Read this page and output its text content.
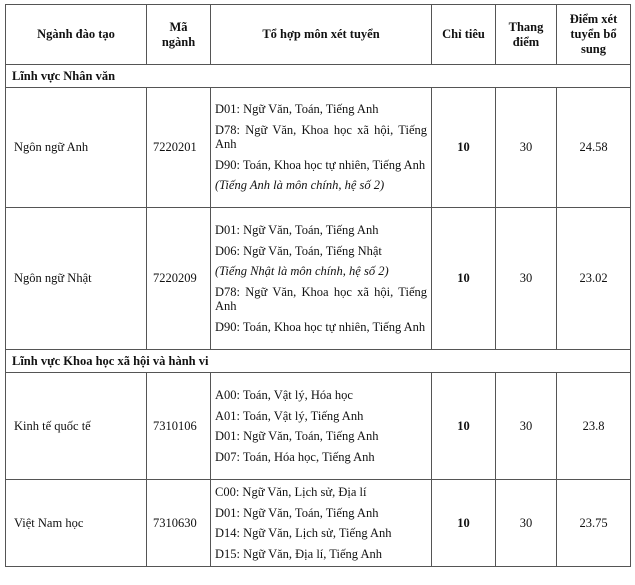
Ngành đào tạo	Mã ngành	Tổ hợp môn xét tuyển	Chỉ tiêu	Thang điểm	Điểm xét tuyển bổ sung
Lĩnh vực Nhân văn					
Ngôn ngữ Anh	7220201	D01: Ngữ Văn, Toán, Tiếng Anh
D78: Ngữ Văn, Khoa học xã hội, Tiếng Anh
D90: Toán, Khoa học tự nhiên, Tiếng Anh
(Tiếng Anh là môn chính, hệ số 2)	10	30	24.58
Ngôn ngữ Nhật	7220209	D01: Ngữ Văn, Toán, Tiếng Anh
D06: Ngữ Văn, Toán, Tiếng Nhật
(Tiếng Nhật là môn chính, hệ số 2)
D78: Ngữ Văn, Khoa học xã hội, Tiếng Anh
D90: Toán, Khoa học tự nhiên, Tiếng Anh	10	30	23.02
Lĩnh vực Khoa học xã hội và hành vi					
Kinh tế quốc tế	7310106	A00: Toán, Vật lý, Hóa học
A01: Toán, Vật lý, Tiếng Anh
D01: Ngữ Văn, Toán, Tiếng Anh
D07: Toán, Hóa học, Tiếng Anh	10	30	23.8
Việt Nam học	7310630	C00: Ngữ Văn, Lịch sử, Địa lí
D01: Ngữ Văn, Toán, Tiếng Anh
D14: Ngữ Văn, Lịch sử, Tiếng Anh
D15: Ngữ Văn, Địa lí, Tiếng Anh	10	30	23.75
